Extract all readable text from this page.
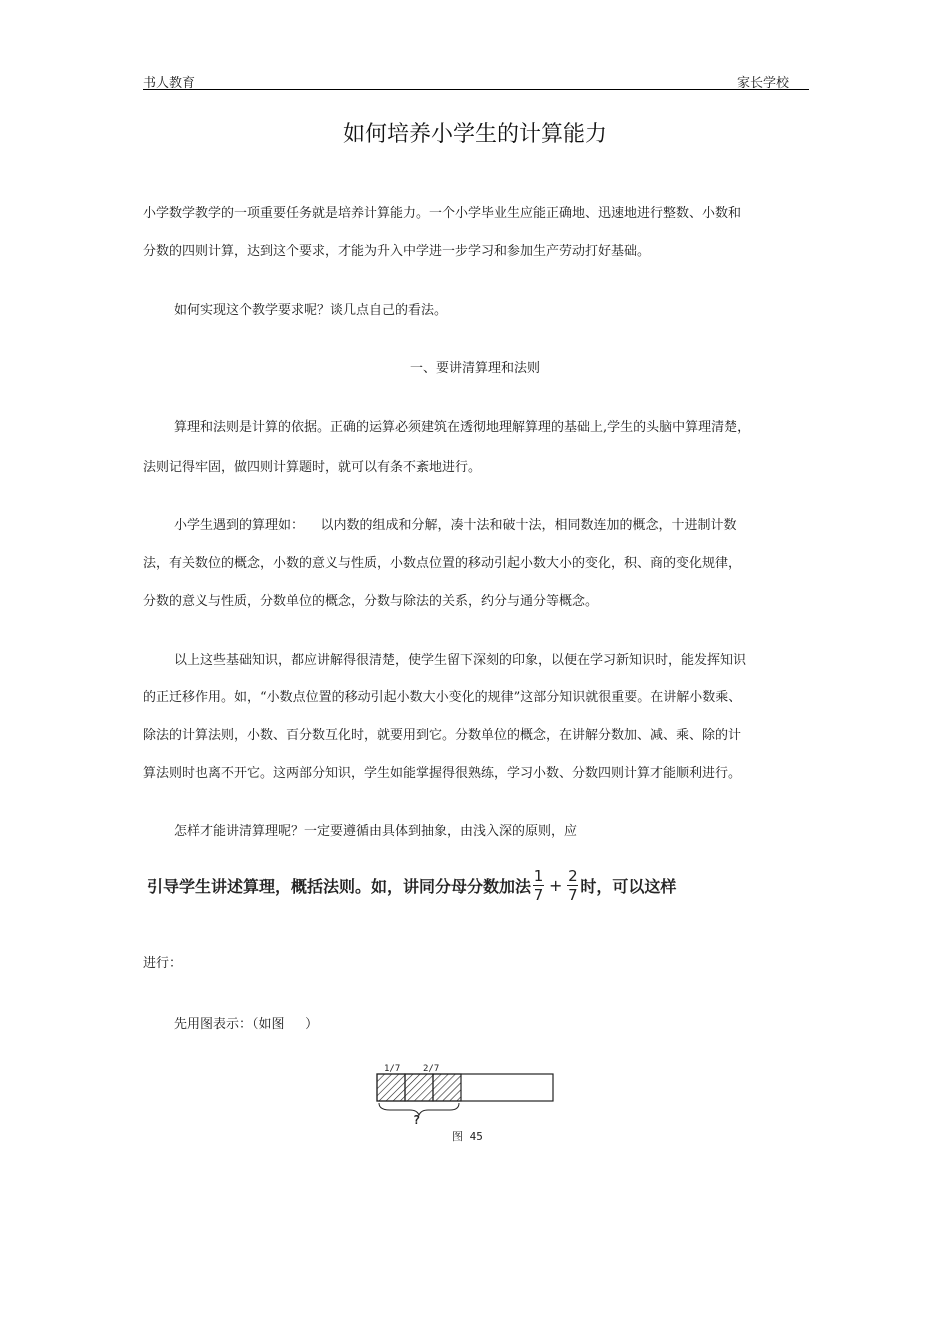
书人教育	家长学校
如何培养小学生的计算能力
小学数学教学的一项重要任务就是培养计算能力。一个小学毕业生应能正确地、迅速地进行整数、小数和
分数的四则计算，达到这个要求，才能为升入中学进一步学习和参加生产劳动打好基础。
如何实现这个教学要求呢？谈几点自己的看法。
一、要讲清算理和法则
算理和法则是计算的依据。正确的运算必须建筑在透彻地理解算理的基础上,学生的头脑中算理清楚，
法则记得牢固，做四则计算题时，就可以有条不紊地进行。
小学生遇到的算理如：    以内数的组成和分解，凑十法和破十法，相同数连加的概念，十进制计数
法，有关数位的概念，小数的意义与性质，小数点位置的移动引起小数大小的变化，积、商的变化规律，
分数的意义与性质，分数单位的概念，分数与除法的关系，约分与通分等概念。
以上这些基础知识，都应讲解得很清楚，使学生留下深刻的印象，以便在学习新知识时，能发挥知识
的正迁移作用。如，“小数点位置的移动引起小数大小变化的规律”这部分知识就很重要。在讲解小数乘、
除法的计算法则，小数、百分数互化时，就要用到它。分数单位的概念，在讲解分数加、减、乘、除的计
算法则时也离不开它。这两部分知识，学生如能掌握得很熟练，学习小数、分数四则计算才能顺利进行。
怎样才能讲清算理呢？一定要遵循由具体到抽象，由浅入深的原则，应
引导学生讲述算理，概括法则。如，讲同分母分数加法 $\frac{1}{7} + \frac{2}{7}$ 时，可以这样
进行：
先用图表示：（如图     ）
1/7	2/7
?
图 45
